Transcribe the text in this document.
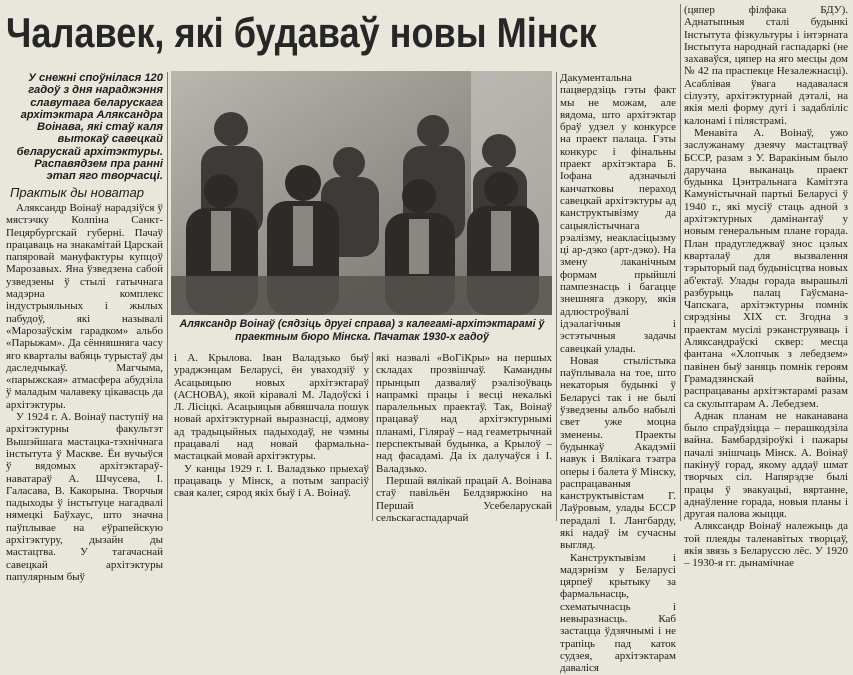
Чалавек, які будаваў новы Мінск

У снежні споўнілася 120 гадоў з дня нараджэння славутага беларускага архітэктара Аляксандра Воінава, які стаў каля вытокаў савецкай беларускай архітэктуры. Распавядзем пра ранні этап яго творчасці.

Практык ды новатар

Аляксандр Воінаў нарадзіўся ў мястэчку Колпіна Санкт-Пецярбургскай губерні. Пачаў працаваць на знакамітай Царскай папяровай мануфактуры купцоў Марозавых. Яна ўзведзена сабой узведзены ў стылі гатычнага мадэрна комплекс індустрыяльных і жылых пабудоў, які называлі «Марозаўскім гарадком» альбо «Парыжам». Да сённяшняга часу яго кварталы вабяць турыстаў ды даследчыкаў. Магчыма, «парыжская» атмасфера абудзіла ў маладым чалавеку цікавасць да архітэктуры.

У 1924 г. А. Воінаў паступіў на архітэктурны факультэт Вышэйшага мастацка-тэхнічнага інстытута ў Маскве. Ён вучыўся ў вядомых архітэктараў-наватараў А. Шчусева, І. Галасава, В. Какорына. Творчыя падыходы ў інстытуце нагадвалі нямецкі Баўхаус, што значна паўплывае на еўрапейскую архітэктуру, дызайн ды мастацтва. У тагачаснай савецкай архітэктуры папулярным быў

Аляксандр Воінаў (сядзіць другі справа) з калегамі-архітэктарамі ў праектным бюро Мінска. Пачатак 1930-х гадоў

і А. Крылова. Іван Валадзько быў ураджэнцам Беларусі, ён уваходзіў у Асацыяцыю новых архітэктараў (АСНОВА), якой кіравалі М. Ладоўскі і Л. Лісіцкі. Асацыяцыя абвяшчала пошук новай архітэктурнай выразнасці, адмову ад традыцыйных падыходаў, не чэмны працавалі над новай фармальна-мастацкай мовай архітэктуры.

У канцы 1929 г. І. Валадзько прыехаў працаваць у Мінск, а потым запрасіў свая калег, сярод якіх быў і А. Воінаў.

які назвалі «ВоГіКры» на першых складах прозвішчаў. Камандны прынцып дазваляў рэалізоўваць напрамкі працы і весці некалькі паралельных праектаў. Так, Воінаў працаваў над архітэктурнымі планамі, Гіляраў – над геаметрычнай перспектывай будынка, а Крылоў – над фасадамі. Да іх далучаўся і І. Валадзько.

Першай вялікай працай А. Воінава стаў павільён Белдзяржкіно на Першай Усебеларускай сельскагаспадарчай

Дакументальна пацвердзіць гэты факт мы не можам, але вядома, што архітэктар браў удзел у конкурсе на праект палаца. Гэты конкурс і фінальны праект архітэктара Б. Іофана адзначылі канчатковы пераход савецкай архітэктуры ад канструктывізму да сацыялістычнага рэалізму, неакласіцызму ці ар-дэко (арт-дэко). На змену лаканічным формам прыйшлі пампезнасць і багацце знешняга дэкору, якія адлюстроўвалі ідэалагічныя і эстэтычныя задачы савецкай улады.

Новая стылістыка паўплывала на тое, што некаторыя будынкі ў Беларусі так і не былі ўзведзены альбо набылі свет уже моцна зменены. Праекты будынкаў Акадэміі навук і Вялікага тэатра оперы і балета ў Мінску, распрацаваныя канструктывістам Г. Лаўровым, улады БССР перадалі І. Лангбарду, які надаў ім сучасны выгляд.

Канструктывізм і мадэрнізм у Беларусі цярпеў крытыку за фармальнасць, схематычнасць і невыразнасць. Каб застацца ўдзячнымі і не трапіць пад каток судзея, архітэктарам даваліся

(цяпер філфака БДУ). Аднатыпныя сталі будынкі Інстытута фізкультуры і інтэрната Інстытута народнай гаспадаркі (не захаваўся, цяпер на яго месцы дом № 42 па праспекце Незалежнасці). Асаблівая ўвага надавалася сілуэту, архітэктурнай дэталі, на якія мелі форму дугі і задабліліс калонамі і пілястрамі.

Менавіта А. Воінаў, ужо заслужанаму дзеячу мастацтваў БССР, разам з У. Варакіным было даручана выканаць праект будынка Цэнтральнага Камітэта Камуністычнай партыі Беларусі ў 1940 г., які мусіў стаць адной з архітэктурных дамінантаў у новым генеральным плане горада. План прадугледжваў знос цэлых кварталаў для вызвалення тэрыторый пад будынісцтва новых аб'ектаў. Улады горада вырашылі разбурыць палац Гаўсмана-Чапскага, архітэктурны помнік сярэдзіны XIX ст. Згодна з праектам мусілі рэканструяваць і Аляксандраўскі сквер: месца фантана «Хлопчык з лебедзем» павінен быў заняць помнік героям Грамадзянскай вайны, распрацаваны архітэктарамі разам са скульптарам А. Лебедзем.

Аднак планам не наканавана было спраўдзіцца – перашкодзіла вайна. Бамбардзіроўкі і пажары пачалі знішчаць Мінск. А. Воінаў пакінуў горад, якому аддаў шмат творчых сіл. Напярэдзе былі працы ў эвакуацыі, вяртанне, аднаўленне горада, новыя планы і другая палова жыцця.

Аляксандр Воінаў належыць да той плеяды таленавітых творцаў, якія звязь з Беларуссю лёс. У 1920 – 1930-я гг. дынамічнае
